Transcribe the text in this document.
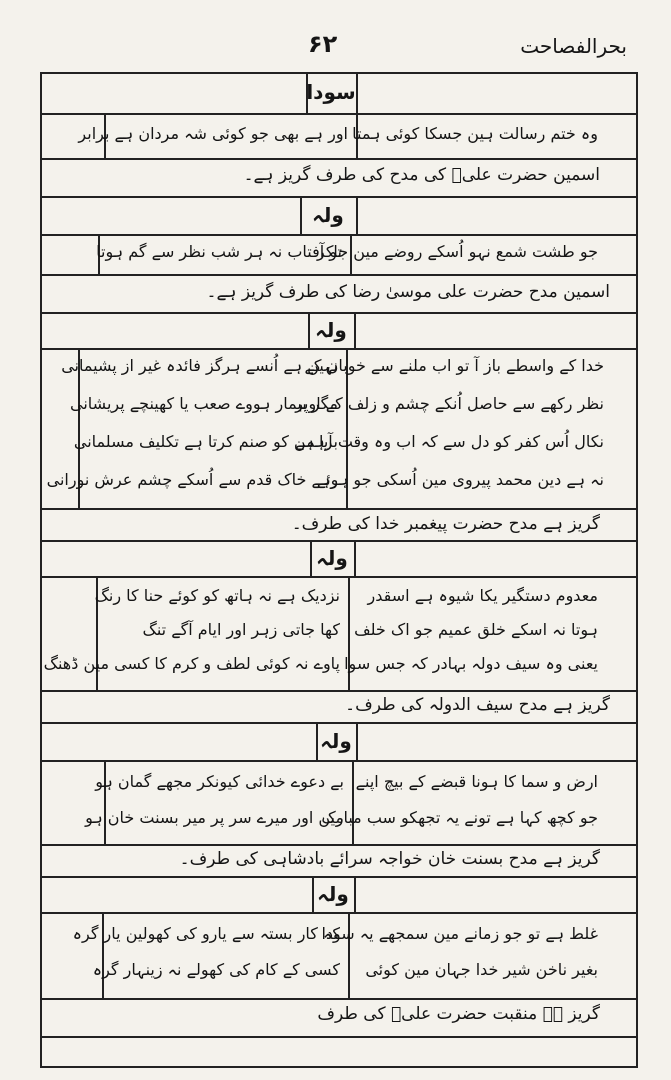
بحرالفصاحت
۶۲
سودا
وہ ختم رسالت ہین جسکا کوئی ہمتا
اور ہے بھی جو کوئی شہ مردان ہے برابر
اسمین حضرت علیؑ کی مدح کی طرف گریز ہے۔
ولہ
جو طشت شمع نہو اُسکے روضے مین جاکر
تو آفتاب نہ ہر شب نظر سے گم ہوتا
اسمین مدح حضرت علی موسیٰ رضا کی طرف گریز ہے۔
ولہ
خدا کے واسطے باز آ تو اب ملنے سے خوبان کے
نظر رکھے سے حاصل اُنکے چشم و زلف کے اوپر
نکال اُس کفر کو دل سے کہ اب وہ وقت آیا ہے
نہ ہے دین محمد پیروی مین اُسکی جو ہوئے
نہین ہے اُنسے ہرگز فائدہ غیر از پشیمانی
مگر بیمار ہووے صعب یا کھینچے پریشانی
برہمن کو صنم کرتا ہے تکلیف مسلمانی
رہے خاک قدم سے اُسکے چشم عرش نورانی
گریز ہے مدح حضرت پیغمبر خدا کی طرف۔
ولہ
معدوم دستگیر یکا شیوہ ہے اسقدر
ہوتا نہ اسکے خلق عمیم جو اک خلف
یعنی وہ سیف دولہ بہادر کہ جس سوا
نزدیک ہے نہ ہاتھ کو کوئے حنا کا رنگ
کھا جاتی زہر اور ایام آگے تنگ
پاوے نہ کوئی لطف و کرم کا کسی مین ڈھنگ
گریز ہے مدح سیف الدولہ کی طرف۔
ولہ
ارض و سما کا ہونا قبضے کے بیچ اپنے
جو کچھ کہا ہے تونے یہ تجھکو سب مبارک
بے دعوے خدائی کیونکر مجھے گمان ہو
مین اور میرے سر پر میر بسنت خان ہو
گریز ہے مدح بسنت خان خواجہ سرائے بادشاہی کی طرف۔
ولہ
غلط ہے تو جو زمانے مین سمجھے یہ سودا
بغیر ناخن شیر خدا جہان مین کوئی
کہ کار بستہ سے یارو کی کھولین یار گرہ
کسی کے کام کی کھولے نہ زینہار گرہ
گریز ہے منقبت حضرت علیؑ کی طرف
